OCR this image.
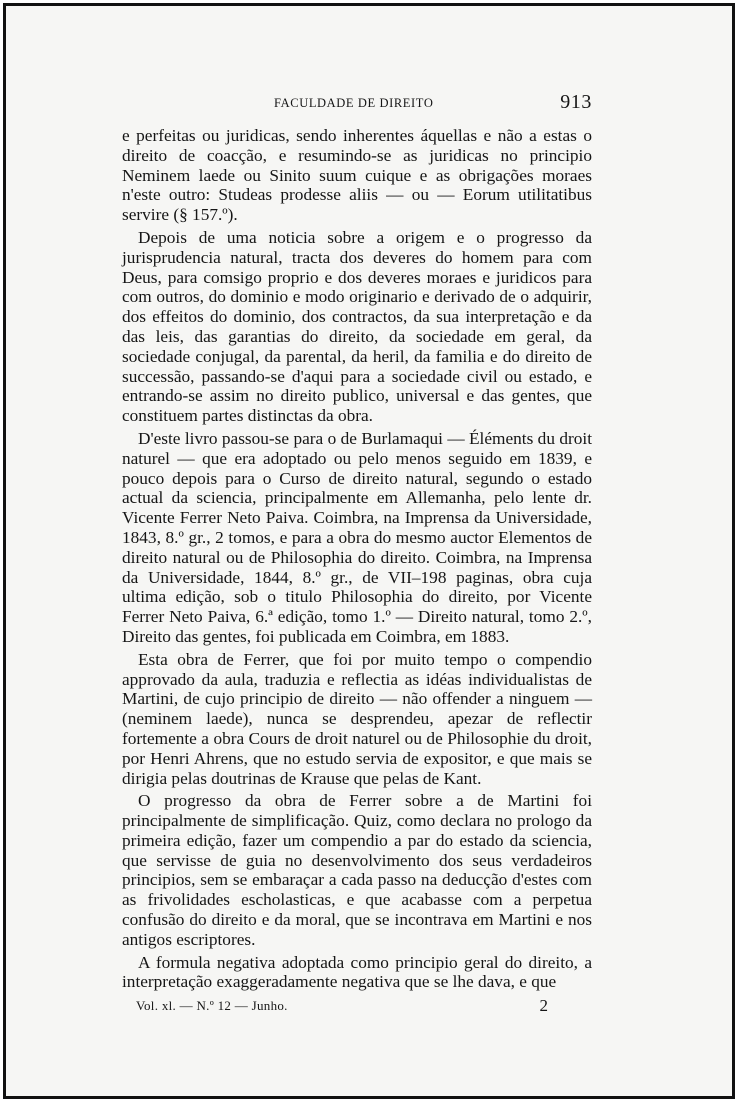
FACULDADE DE DIREITO	913

e perfeitas ou juridicas, sendo inherentes áquellas e não a estas o direito de coacção, e resumindo-se as juridicas no principio Neminem laede ou Sinito suum cuique e as obrigações moraes n'este outro: Studeas prodesse aliis — ou — Eorum utilitatibus servire (§ 157.º).

Depois de uma noticia sobre a origem e o progresso da jurisprudencia natural, tracta dos deveres do homem para com Deus, para comsigo proprio e dos deveres moraes e juridicos para com outros, do dominio e modo originario e derivado de o adquirir, dos effeitos do dominio, dos contractos, da sua interpretação e da das leis, das garantias do direito, da sociedade em geral, da sociedade conjugal, da parental, da heril, da familia e do direito de successão, passando-se d'aqui para a sociedade civil ou estado, e entrando-se assim no direito publico, universal e das gentes, que constituem partes distinctas da obra.

D'este livro passou-se para o de Burlamaqui — Éléments du droit naturel — que era adoptado ou pelo menos seguido em 1839, e pouco depois para o Curso de direito natural, segundo o estado actual da sciencia, principalmente em Allemanha, pelo lente dr. Vicente Ferrer Neto Paiva. Coimbra, na Imprensa da Universidade, 1843, 8.º gr., 2 tomos, e para a obra do mesmo auctor Elementos de direito natural ou de Philosophia do direito. Coimbra, na Imprensa da Universidade, 1844, 8.º gr., de VII–198 paginas, obra cuja ultima edição, sob o titulo Philosophia do direito, por Vicente Ferrer Neto Paiva, 6.ª edição, tomo 1.º — Direito natural, tomo 2.º, Direito das gentes, foi publicada em Coimbra, em 1883.

Esta obra de Ferrer, que foi por muito tempo o compendio approvado da aula, traduzia e reflectia as idéas individualistas de Martini, de cujo principio de direito — não offender a ninguem — (neminem laede), nunca se desprendeu, apezar de reflectir fortemente a obra Cours de droit naturel ou de Philosophie du droit, por Henri Ahrens, que no estudo servia de expositor, e que mais se dirigia pelas doutrinas de Krause que pelas de Kant.

O progresso da obra de Ferrer sobre a de Martini foi principalmente de simplificação. Quiz, como declara no prologo da primeira edição, fazer um compendio a par do estado da sciencia, que servisse de guia no desenvolvimento dos seus verdadeiros principios, sem se embaraçar a cada passo na deducção d'estes com as frivolidades escholasticas, e que acabasse com a perpetua confusão do direito e da moral, que se incontrava em Martini e nos antigos escriptores.

A formula negativa adoptada como principio geral do direito, a interpretação exaggeradamente negativa que se lhe dava, e que

Vol. xl. — N.º 12 — Junho.	2
